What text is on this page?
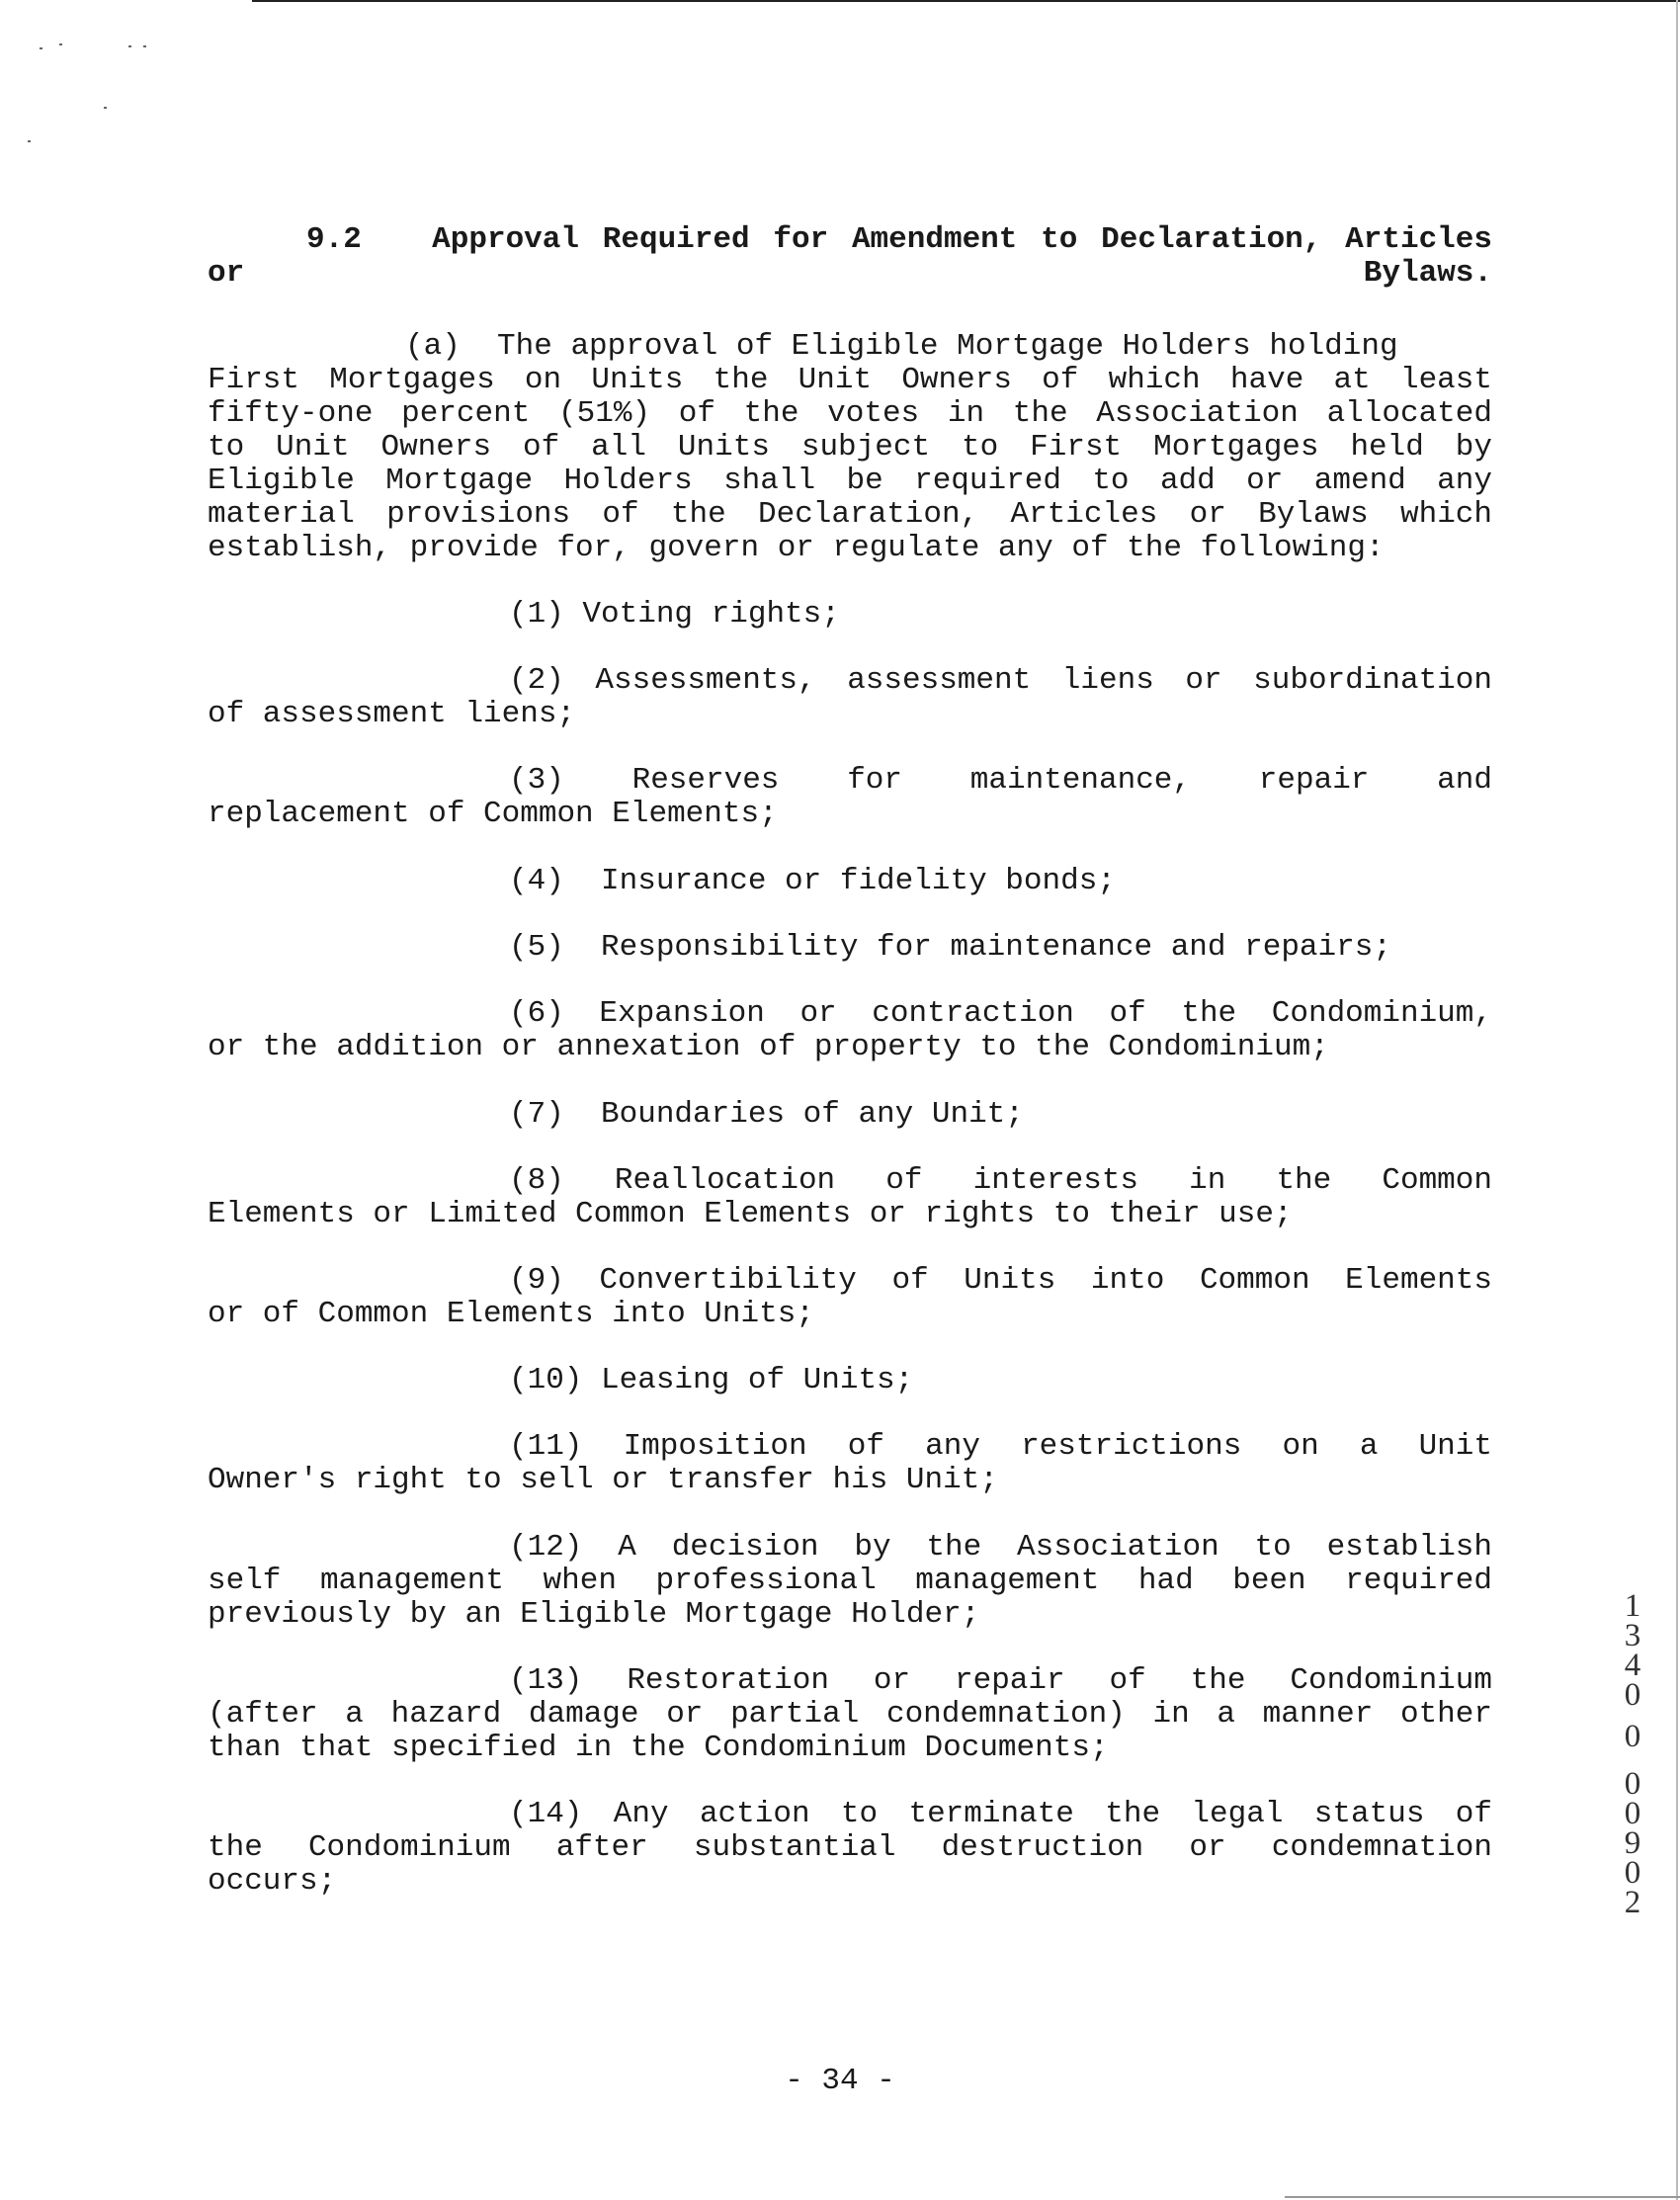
9.2 Approval Required for Amendment to Declaration, Articles or Bylaws.
(a) The approval of Eligible Mortgage Holders holding
First Mortgages on Units the Unit Owners of which have at least
fifty-one percent (51%) of the votes in the Association allocated
to Unit Owners of all Units subject to First Mortgages held by
Eligible Mortgage Holders shall be required to add or amend any
material provisions of the Declaration, Articles or Bylaws which
establish, provide for, govern or regulate any of the following:
(1) Voting rights;
(2) Assessments, assessment liens or subordination
of assessment liens;
(3) Reserves for maintenance, repair and
replacement of Common Elements;
(4)  Insurance or fidelity bonds;
(5)  Responsibility for maintenance and repairs;
(6) Expansion or contraction of the Condominium,
or the addition or annexation of property to the Condominium;
(7)  Boundaries of any Unit;
(8) Reallocation of interests in the Common
Elements or Limited Common Elements or rights to their use;
(9) Convertibility of Units into Common Elements
or of Common Elements into Units;
(10) Leasing of Units;
(11) Imposition of any restrictions on a Unit
Owner's right to sell or transfer his Unit;
(12) A decision by the Association to establish
self management when professional management had been required
previously by an Eligible Mortgage Holder;
(13) Restoration or repair of the Condominium
(after a hazard damage or partial condemnation) in a manner other
than that specified in the Condominium Documents;
(14) Any action to terminate the legal status of
the Condominium after substantial destruction or condemnation
occurs;
- 34 -
1
3
4
0
0
0
0
9
0
2
